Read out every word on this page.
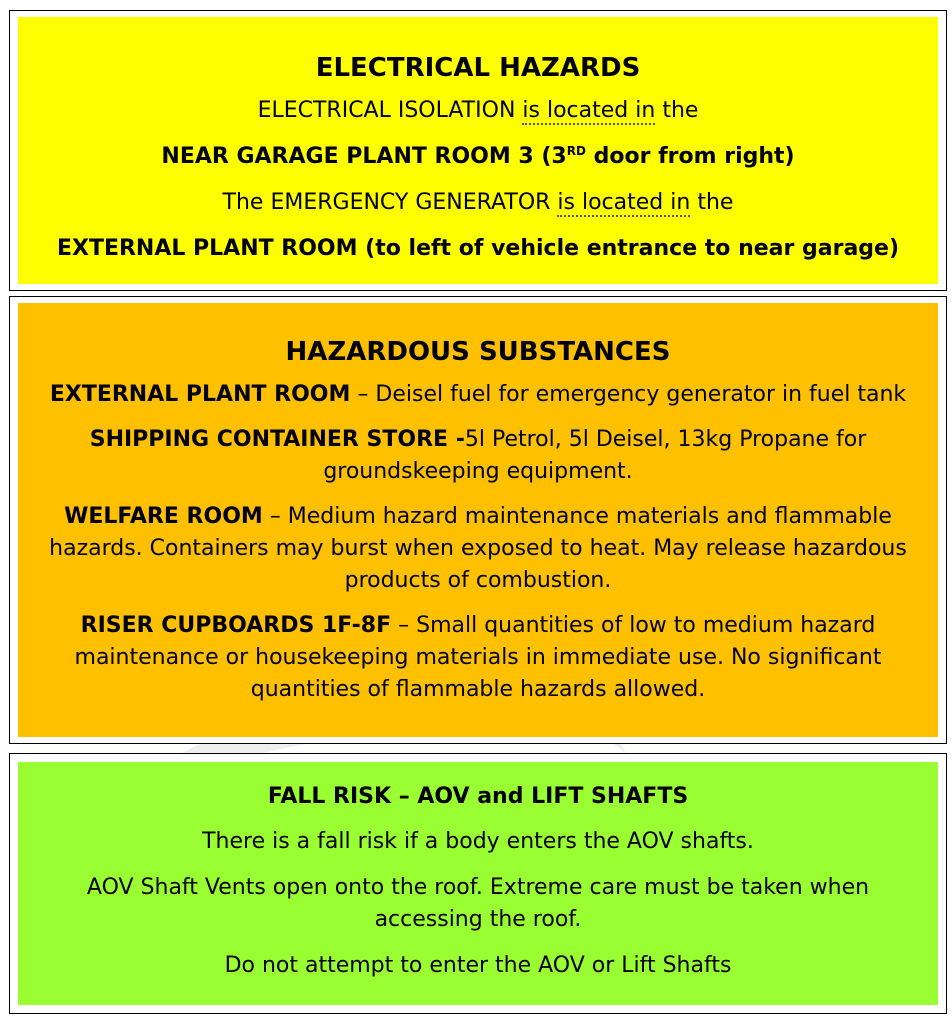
ELECTRICAL HAZARDS

ELECTRICAL ISOLATION is located in the

NEAR GARAGE PLANT ROOM 3 (3RD door from right)

The EMERGENCY GENERATOR is located in the

EXTERNAL PLANT ROOM (to left of vehicle entrance to near garage)

HAZARDOUS SUBSTANCES

EXTERNAL PLANT ROOM – Deisel fuel for emergency generator in fuel tank

SHIPPING CONTAINER STORE -5l Petrol, 5l Deisel, 13kg Propane for groundskeeping equipment.

WELFARE ROOM – Medium hazard maintenance materials and flammable hazards. Containers may burst when exposed to heat. May release hazardous products of combustion.

RISER CUPBOARDS 1F-8F – Small quantities of low to medium hazard maintenance or housekeeping materials in immediate use. No significant quantities of flammable hazards allowed.

FALL RISK – AOV and LIFT SHAFTS

There is a fall risk if a body enters the AOV shafts.

AOV Shaft Vents open onto the roof. Extreme care must be taken when accessing the roof.

Do not attempt to enter the AOV or Lift Shafts
